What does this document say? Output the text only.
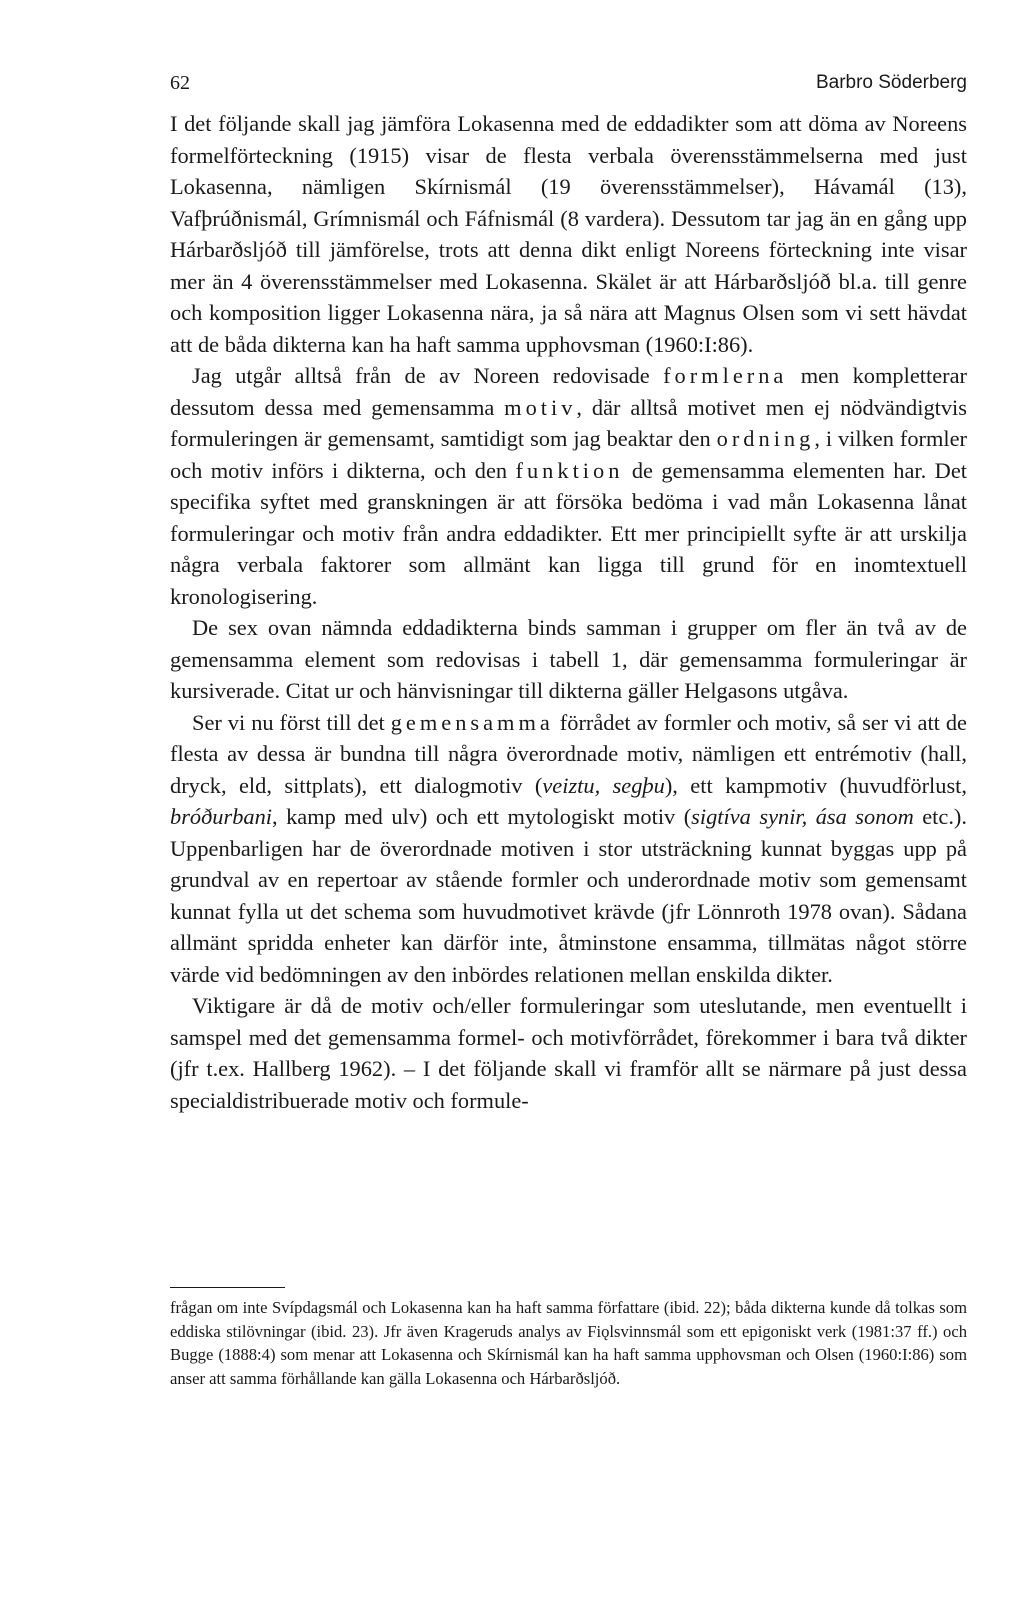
62	Barbro Söderberg

I det följande skall jag jämföra Lokasenna med de eddadikter som att döma av Noreens formelförteckning (1915) visar de flesta verbala överensstämmelserna med just Lokasenna, nämligen Skírnismál (19 överensstämmelser), Hávamál (13), Vafþrúðnismál, Grímnismál och Fáfnismál (8 vardera). Dessutom tar jag än en gång upp Hárbarðsljóð till jämförelse, trots att denna dikt enligt Noreens förteckning inte visar mer än 4 överensstämmelser med Lokasenna. Skälet är att Hárbarðsljóð bl.a. till genre och komposition ligger Lokasenna nära, ja så nära att Magnus Olsen som vi sett hävdat att de båda dikterna kan ha haft samma upphovsman (1960:I:86).

Jag utgår alltså från de av Noreen redovisade formlerna men kompletterar dessutom dessa med gemensamma motiv, där alltså motivet men ej nödvändigtvis formuleringen är gemensamt, samtidigt som jag beaktar den ordning, i vilken formler och motiv införs i dikterna, och den funktion de gemensamma elementen har. Det specifika syftet med granskningen är att försöka bedöma i vad mån Lokasenna lånat formuleringar och motiv från andra eddadikter. Ett mer principiellt syfte är att urskilja några verbala faktorer som allmänt kan ligga till grund för en inomtextuell kronologisering.

De sex ovan nämnda eddadikterna binds samman i grupper om fler än två av de gemensamma element som redovisas i tabell 1, där gemensamma formuleringar är kursiverade. Citat ur och hänvisningar till dikterna gäller Helgasons utgåva.

Ser vi nu först till det gemensamma förrådet av formler och motiv, så ser vi att de flesta av dessa är bundna till några överordnade motiv, nämligen ett entrémotiv (hall, dryck, eld, sittplats), ett dialogmotiv (veiztu, segþu), ett kampmotiv (huvudförlust, bróðurbani, kamp med ulv) och ett mytologiskt motiv (sigtíva synir, ása sonom etc.). Uppenbarligen har de överordnade motiven i stor utsträckning kunnat byggas upp på grundval av en repertoar av stående formler och underordnade motiv som gemensamt kunnat fylla ut det schema som huvudmotivet krävde (jfr Lönnroth 1978 ovan). Sådana allmänt spridda enheter kan därför inte, åtminstone ensamma, tillmätas något större värde vid bedömningen av den inbördes relationen mellan enskilda dikter.

Viktigare är då de motiv och/eller formuleringar som uteslutande, men eventuellt i samspel med det gemensamma formel- och motivförrådet, förekommer i bara två dikter (jfr t.ex. Hallberg 1962). – I det följande skall vi framför allt se närmare på just dessa specialdistribuerade motiv och formule-

frågan om inte Svípdagsmál och Lokasenna kan ha haft samma författare (ibid. 22); båda dikterna kunde då tolkas som eddiska stilövningar (ibid. 23). Jfr även Krageruds analys av Fiǫlsvinnsmál som ett epigoniskt verk (1981:37 ff.) och Bugge (1888:4) som menar att Lokasenna och Skírnismál kan ha haft samma upphovsman och Olsen (1960:I:86) som anser att samma förhållande kan gälla Lokasenna och Hárbarðsljóð.
